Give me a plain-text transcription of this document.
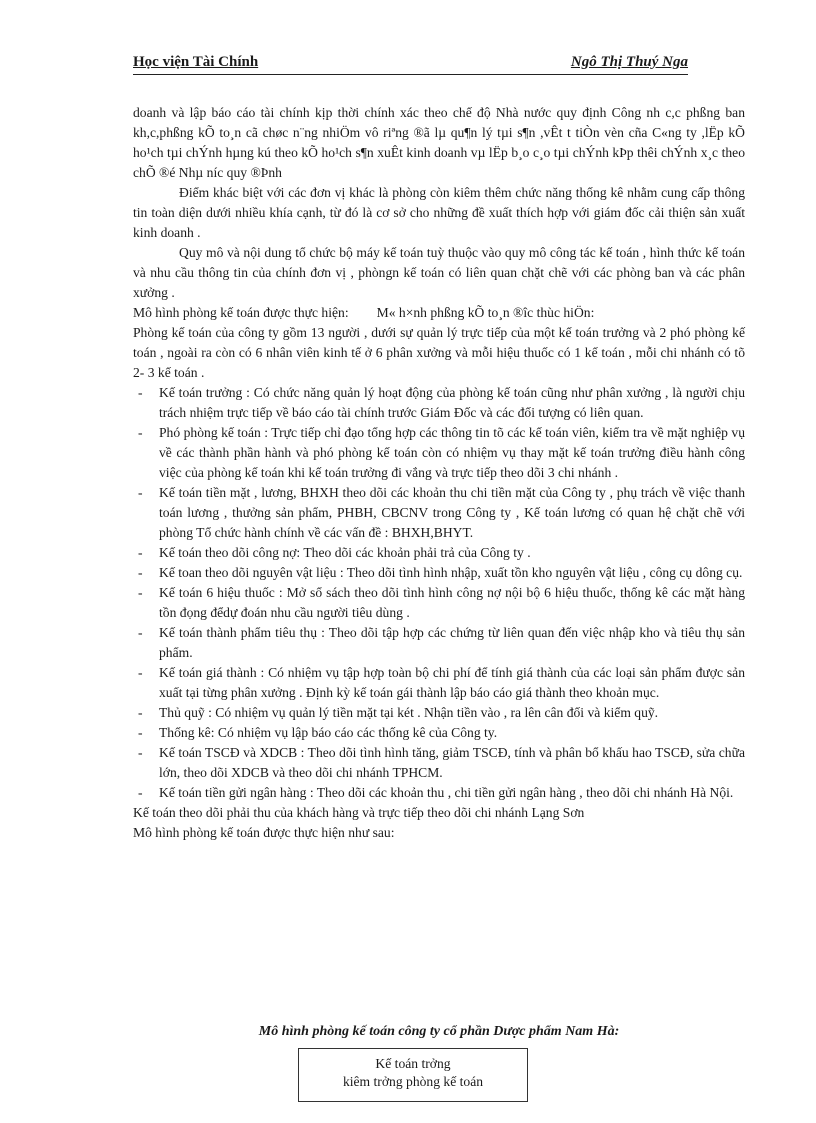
Học viện Tài Chính	Ngô Thị Thuý Nga

doanh và lập báo cáo tài chính kịp thời chính xác theo chế độ Nhà nước quy định Công nh c,c phßng ban kh,c,phßng kÕ to¸n cã chøc n¨ng nhiÖm vô riªng ®ã lµ qu¶n lý tµi s¶n ,vÊt t tiÒn vèn cña C«ng ty ,lËp kÕ ho¹ch tµi chÝnh hµng kú theo kÕ ho¹ch s¶n xuÊt kinh doanh vµ lËp b¸o c¸o tµi chÝnh kÞp thêi chÝnh x¸c theo chÕ ®é Nhµ níc quy ®Þnh

Điểm khác biệt với các đơn vị khác là phòng còn kiêm thêm chức năng thống kê nhằm cung cấp thông tin toàn diện dưới nhiều khía cạnh, từ đó là cơ sở cho những đề xuất thích hợp với giám đốc cải thiện sản xuất kinh doanh .

Quy mô và nội dung tổ chức bộ máy kế toán tuỳ thuộc vào quy mô công tác kế toán , hình thức kế toán và nhu cầu thông tin của chính đơn vị , phòngn kế toán có liên quan chặt chẽ với các phòng ban và các phân xưởng .

Mô hình phòng kế toán được thực hiện: M« h×nh phßng kÕ to¸n ®îc thùc hiÖn:

Phòng kế toán của công ty gồm 13 người , dưới sự quản lý trực tiếp của một kế toán trưởng và 2 phó phòng kế toán , ngoài ra còn có 6 nhân viên kinh tế ở 6 phân xưởng và mỗi hiệu thuốc có 1 kế toán , mỗi chi nhánh có tõ 2- 3 kế toán .

- Kế toán trưởng : Có chức năng quản lý hoạt động của phòng kế toán cũng như phân xưởng , là người chịu trách nhiệm trực tiếp về báo cáo tài chính trước Giám Đốc và các đối tượng có liên quan.
- Phó phòng kế toán : Trực tiếp chỉ đạo tổng hợp các thông tin tõ các kế toán viên, kiểm tra về mặt nghiệp vụ về các thành phần hành và phó phòng kế toán còn có nhiệm vụ thay mặt kế toán trưởng điều hành công việc của phòng kế toán khi kế toán trưởng đi vắng và trực tiếp theo dõi 3 chi nhánh .
- Kế toán tiền mặt , lương, BHXH theo dõi các khoản thu chi tiền mặt của Công ty , phụ trách về việc thanh toán lương , thưởng sản phẩm, PHBH, CBCNV trong Công ty , Kế toán lương có quan hệ chặt chẽ với phòng Tổ chức hành chính về các vấn đề : BHXH,BHYT.
- Kế toán theo dõi công nợ: Theo dõi các khoản phải trả của Công ty .
- Kế toan theo dõi nguyên vật liệu : Theo dõi tình hình nhập, xuất tồn kho nguyên vật liệu , công cụ dông cụ.
- Kế toán 6 hiệu thuốc : Mở sổ sách theo dõi tình hình công nợ nội bộ 6 hiệu thuốc, thống kê các mặt hàng tồn đọng đểdự đoán nhu cầu người tiêu dùng .
- Kế toán thành phẩm tiêu thụ : Theo dõi tập hợp các chứng từ liên quan đến việc nhập kho và tiêu thụ sản phẩm.
- Kế toán giá thành : Có nhiệm vụ tập hợp toàn bộ chi phí để tính giá thành của các loại sản phẩm được sản xuất tại từng phân xưởng . Định kỳ kế toán gái thành lập báo cáo giá thành theo khoản mục.
- Thủ quỹ : Có nhiệm vụ quản lý tiền mặt tại két . Nhận tiền vào , ra lên cân đối và kiểm quỹ.
- Thống kê: Có nhiệm vụ lập báo cáo các thống kê của Công ty.
- Kế toán TSCĐ và XDCB : Theo dõi tình hình tăng, giảm TSCĐ, tính và phân bổ khấu hao TSCĐ, sửa chữa lớn, theo dõi XDCB và theo dõi chi nhánh TPHCM.
- Kế toán tiền gửi ngân hàng : Theo dõi các khoản thu , chi tiền gửi ngân hàng , theo dõi chi nhánh Hà Nội.

Kế toán theo dõi phải thu của khách hàng và trực tiếp theo dõi chi nhánh Lạng Sơn

Mô hình phòng kế toán được thực hiện như sau:

Mô hình phòng kế toán công ty cổ phần Dược phẩm Nam Hà:
Kế toán trởng
kiêm trởng phòng kế toán
